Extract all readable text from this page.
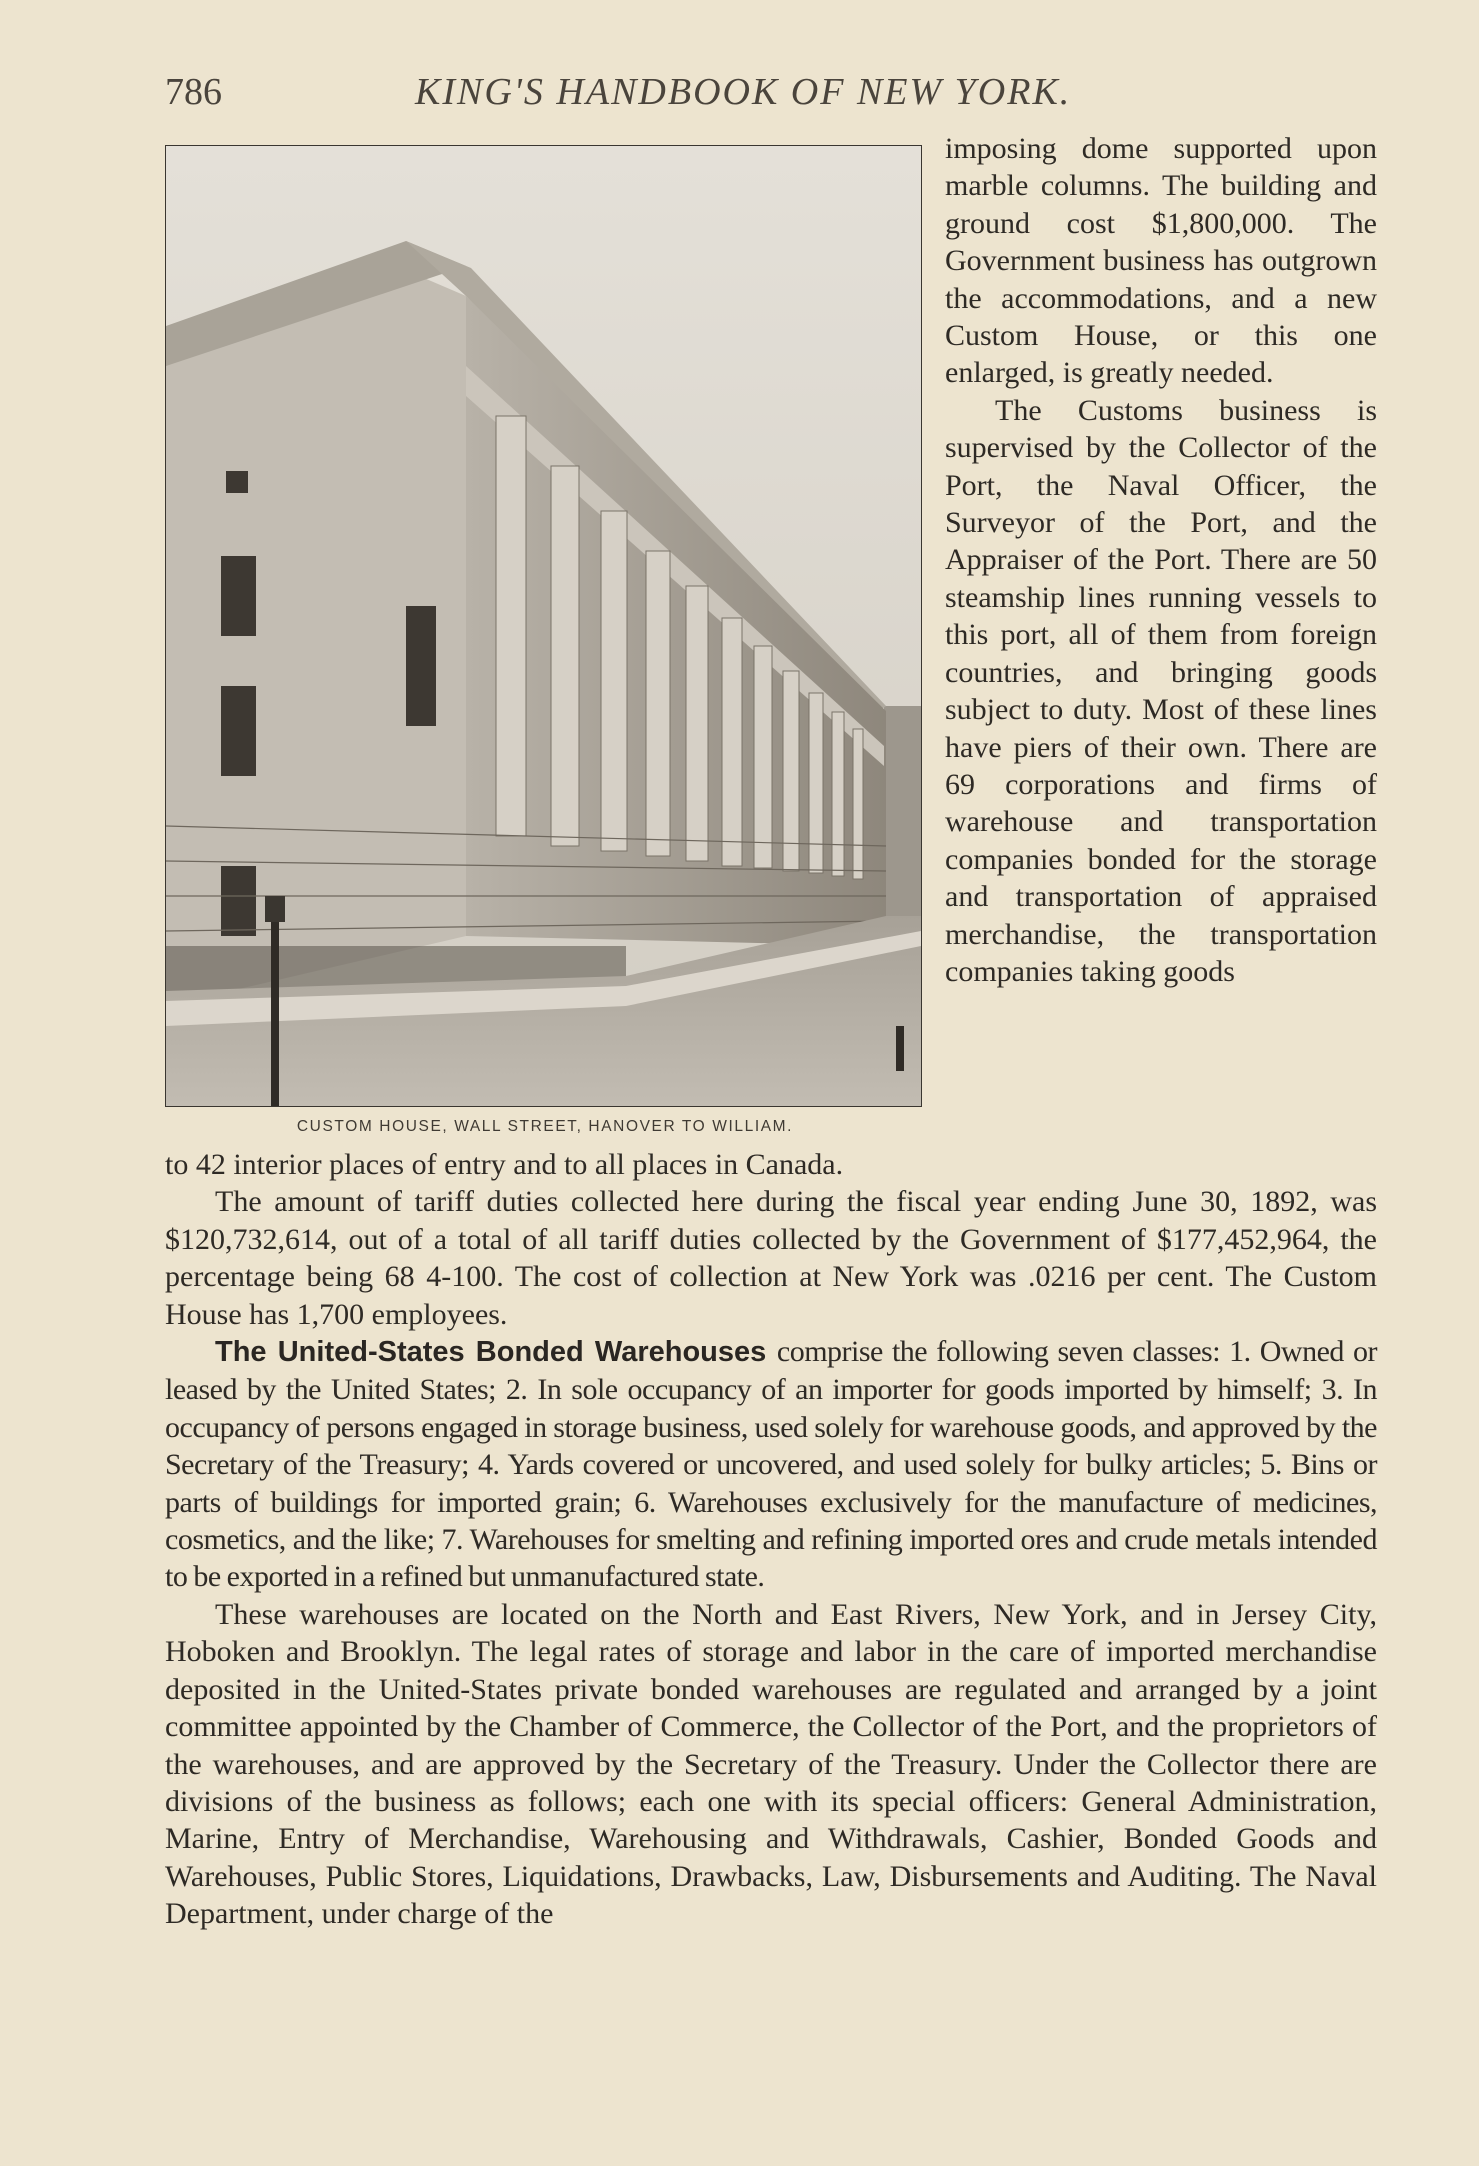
786	KING'S HANDBOOK OF NEW YORK.
CUSTOM HOUSE, WALL STREET, HANOVER TO WILLIAM.

imposing dome supported upon marble columns. The building and ground cost $1,800,000. The Government business has outgrown the accommodations, and a new Custom House, or this one enlarged, is greatly needed.

The Customs business is supervised by the Collector of the Port, the Naval Officer, the Surveyor of the Port, and the Appraiser of the Port. There are 50 steamship lines running vessels to this port, all of them from foreign countries, and bringing goods subject to duty. Most of these lines have piers of their own. There are 69 corporations and firms of warehouse and transportation companies bonded for the storage and transportation of appraised merchandise, the transportation companies taking goods

to 42 interior places of entry and to all places in Canada.

The amount of tariff duties collected here during the fiscal year ending June 30, 1892, was $120,732,614, out of a total of all tariff duties collected by the Government of $177,452,964, the percentage being 68 4-100. The cost of collection at New York was .0216 per cent. The Custom House has 1,700 employees.

The United-States Bonded Warehouses comprise the following seven classes: 1. Owned or leased by the United States; 2. In sole occupancy of an importer for goods imported by himself; 3. In occupancy of persons engaged in storage business, used solely for warehouse goods, and approved by the Secretary of the Treasury; 4. Yards covered or uncovered, and used solely for bulky articles; 5. Bins or parts of buildings for imported grain; 6. Warehouses exclusively for the manufacture of medicines, cosmetics, and the like; 7. Warehouses for smelting and refining imported ores and crude metals intended to be exported in a refined but unmanufactured state.

These warehouses are located on the North and East Rivers, New York, and in Jersey City, Hoboken and Brooklyn. The legal rates of storage and labor in the care of imported merchandise deposited in the United-States private bonded warehouses are regulated and arranged by a joint committee appointed by the Chamber of Commerce, the Collector of the Port, and the proprietors of the warehouses, and are approved by the Secretary of the Treasury. Under the Collector there are divisions of the business as follows; each one with its special officers: General Administration, Marine, Entry of Merchandise, Warehousing and Withdrawals, Cashier, Bonded Goods and Warehouses, Public Stores, Liquidations, Drawbacks, Law, Disbursements and Auditing. The Naval Department, under charge of the
